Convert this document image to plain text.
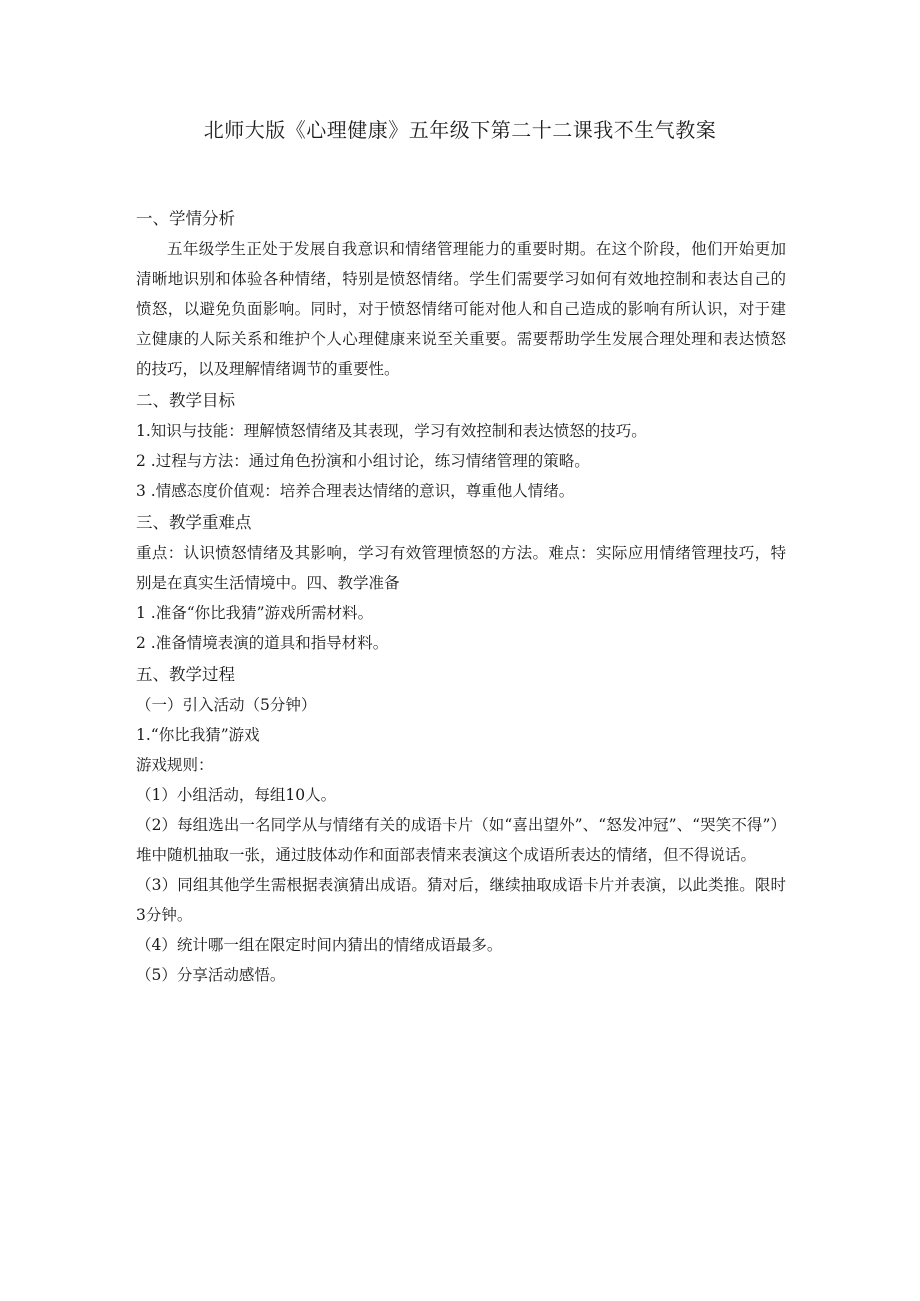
北师大版《心理健康》五年级下第二十二课我不生气教案

一、学情分析

五年级学生正处于发展自我意识和情绪管理能力的重要时期。在这个阶段，他们开始更加清晰地识别和体验各种情绪，特别是愤怒情绪。学生们需要学习如何有效地控制和表达自己的愤怒，以避免负面影响。同时，对于愤怒情绪可能对他人和自己造成的影响有所认识，对于建立健康的人际关系和维护个人心理健康来说至关重要。需要帮助学生发展合理处理和表达愤怒的技巧，以及理解情绪调节的重要性。

二、教学目标

1.知识与技能：理解愤怒情绪及其表现，学习有效控制和表达愤怒的技巧。

2 .过程与方法：通过角色扮演和小组讨论，练习情绪管理的策略。

3 .情感态度价值观：培养合理表达情绪的意识，尊重他人情绪。

三、教学重难点

重点：认识愤怒情绪及其影响，学习有效管理愤怒的方法。难点：实际应用情绪管理技巧，特别是在真实生活情境中。四、教学准备

1 .准备“你比我猜”游戏所需材料。

2 .准备情境表演的道具和指导材料。

五、教学过程

（一）引入活动（5分钟）

1.“你比我猜”游戏

游戏规则：

（1）小组活动，每组10人。

（2）每组选出一名同学从与情绪有关的成语卡片（如“喜出望外”、“怒发冲冠”、“哭笑不得”）堆中随机抽取一张，通过肢体动作和面部表情来表演这个成语所表达的情绪，但不得说话。

（3）同组其他学生需根据表演猜出成语。猜对后，继续抽取成语卡片并表演，以此类推。限时3分钟。

（4）统计哪一组在限定时间内猜出的情绪成语最多。

（5）分享活动感悟。
